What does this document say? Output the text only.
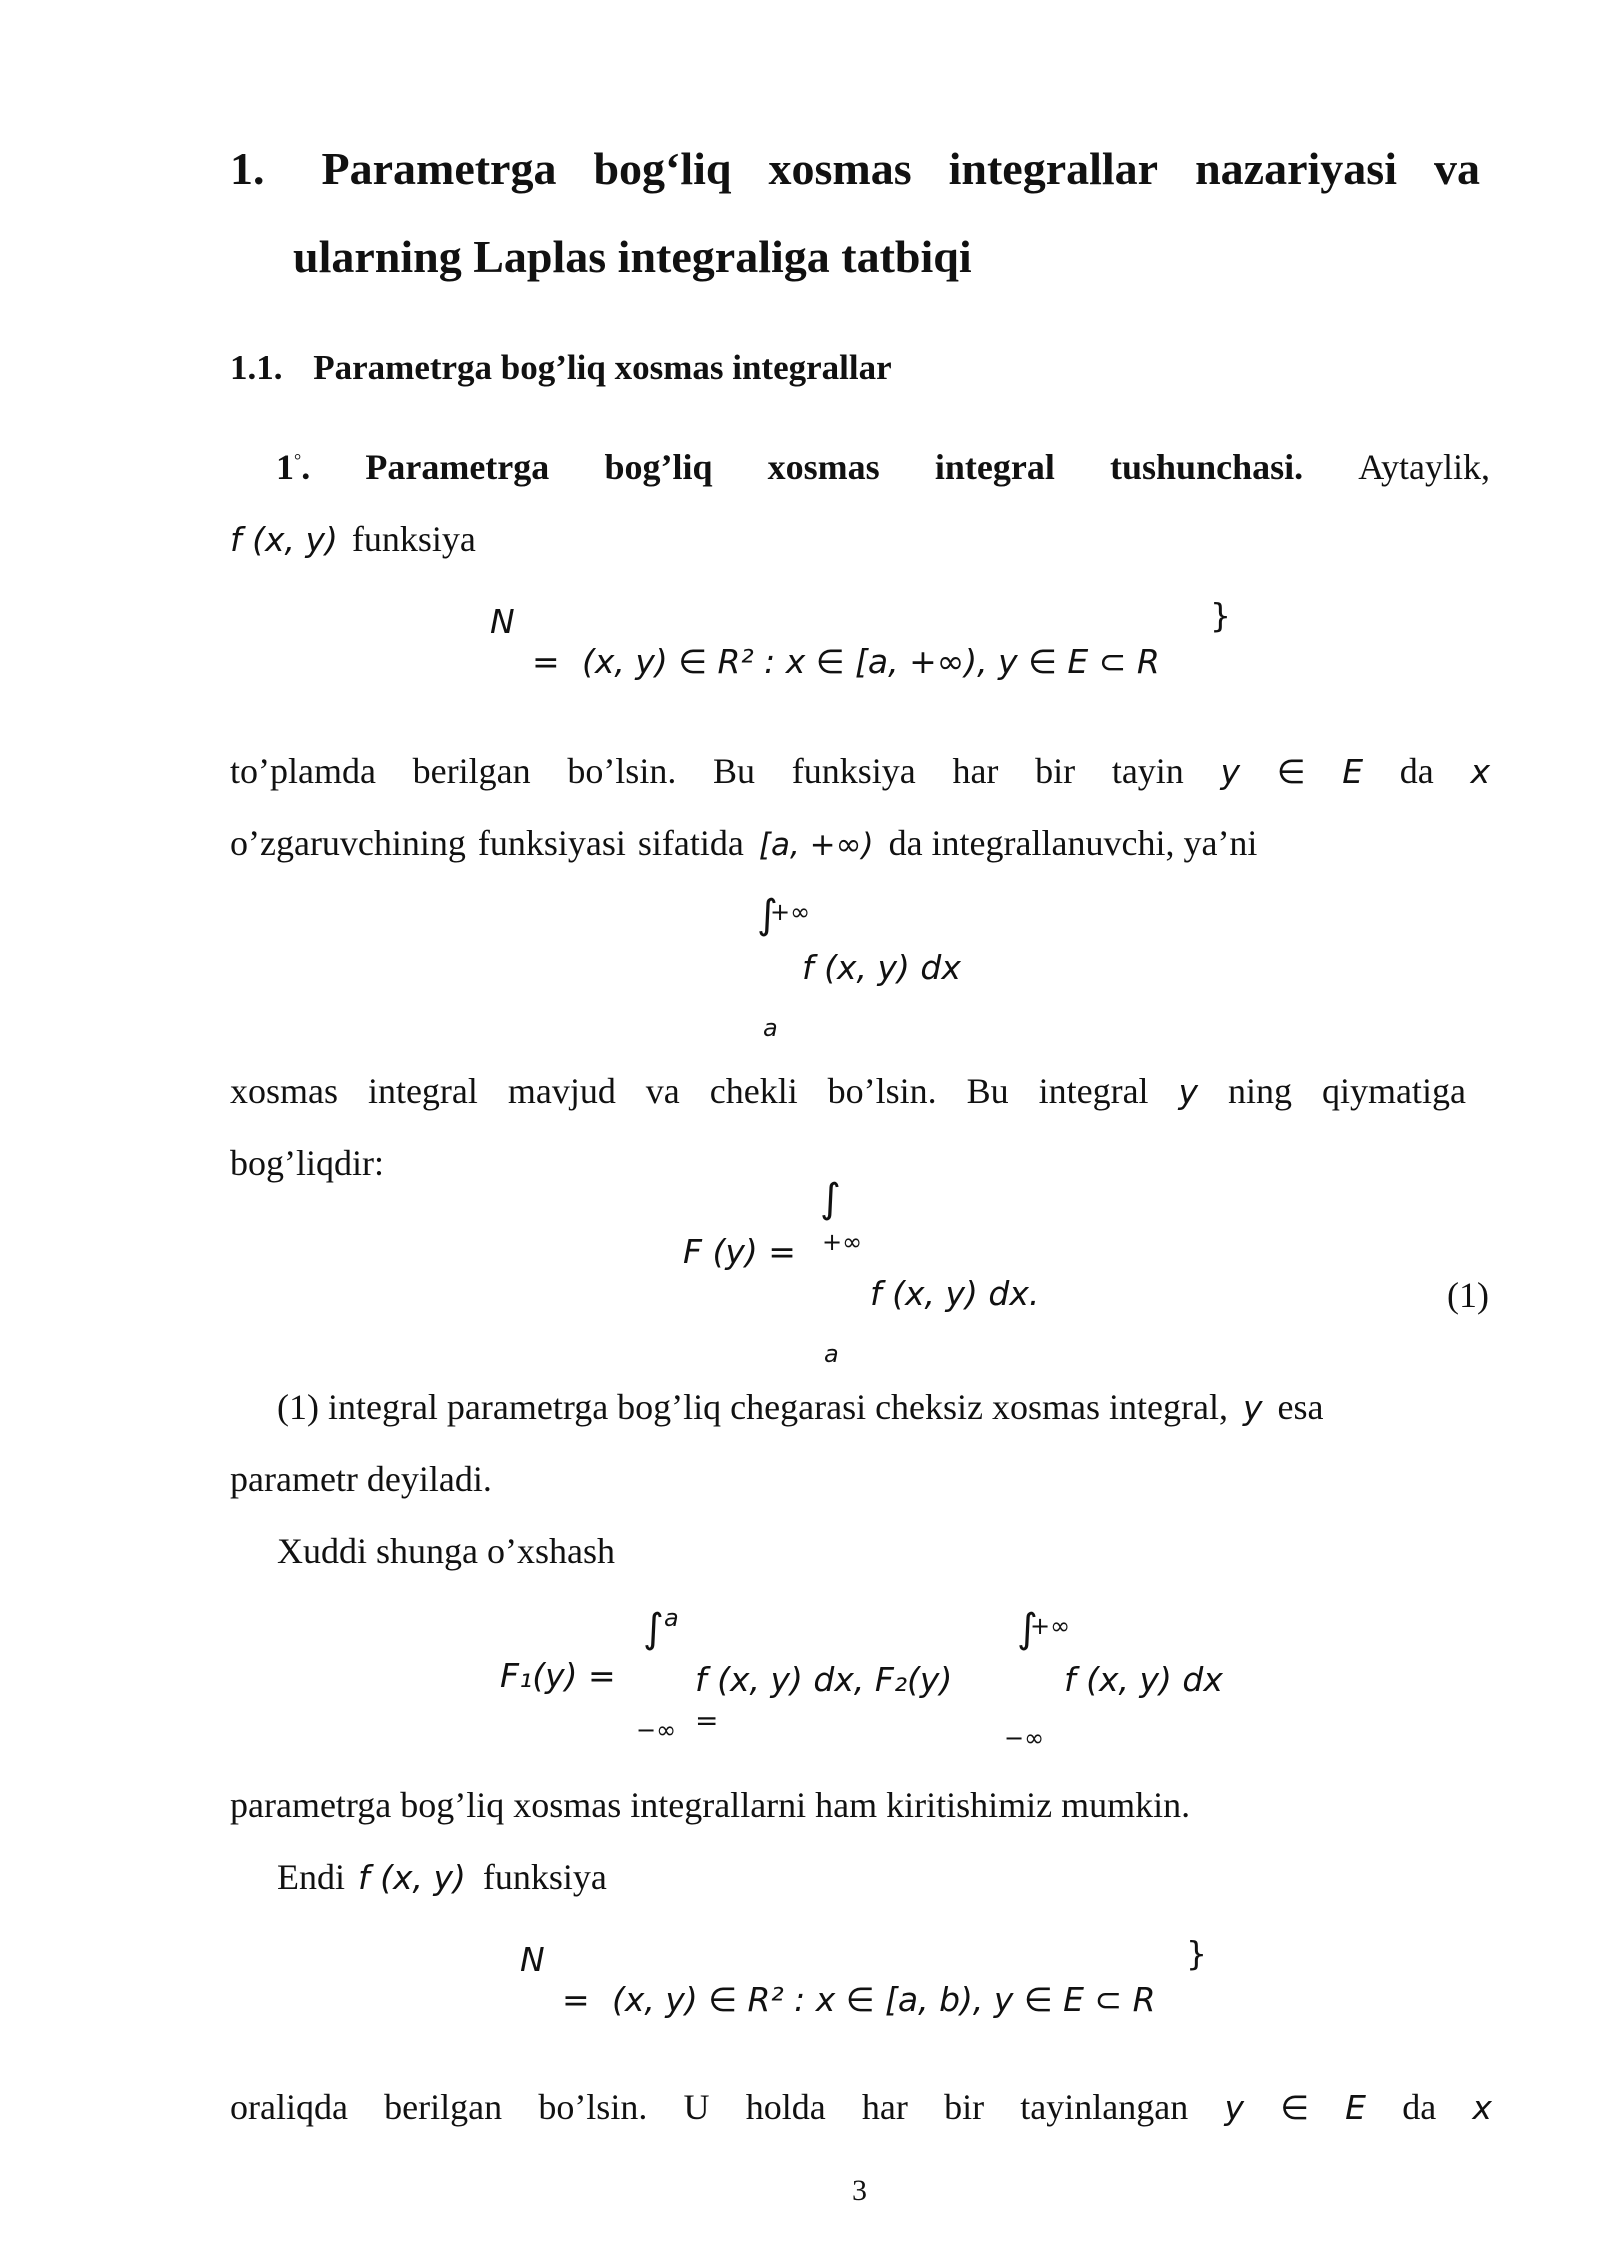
1. Parametrga bog‘liq xosmas integrallar nazariyasi va
ularning Laplas integraliga tatbiqi
1.1. Parametrga bog’liq xosmas integrallar
1°. Parametrga bog’liq xosmas integral tushunchasi. Aytaylik,
f (x, y) funksiya
N	}
= (x, y) ∈ R² : x ∈ [a, +∞), y ∈ E ⊂ R
to’plamda berilgan bo’lsin. Bu funksiya har bir tayin y ∈ E da x
o’zgaruvchining funksiyasi sifatida [a, +∞) da integrallanuvchi, ya’ni
∫
+∞
f (x, y) dx
a
xosmas integral mavjud va chekli bo’lsin. Bu integral y ning qiymatiga
bog’liqdir:
∫
F (y) = +∞
f (x, y) dx.	(1)
a
(1) integral parametrga bog’liq chegarasi cheksiz xosmas integral, y esa
parametr deyiladi.
Xuddi shunga o’xshash
∫ a
F₁(y) = f (x, y) dx, F₂(y)
−∞ =
∫
+∞
−∞
f (x, y) dx
parametrga bog’liq xosmas integrallarni ham kiritishimiz mumkin.
Endi f (x, y) funksiya
N	}
= (x, y) ∈ R² : x ∈ [a, b), y ∈ E ⊂ R
oraliqda berilgan bo’lsin. U holda har bir tayinlangan y ∈ E da x
3
